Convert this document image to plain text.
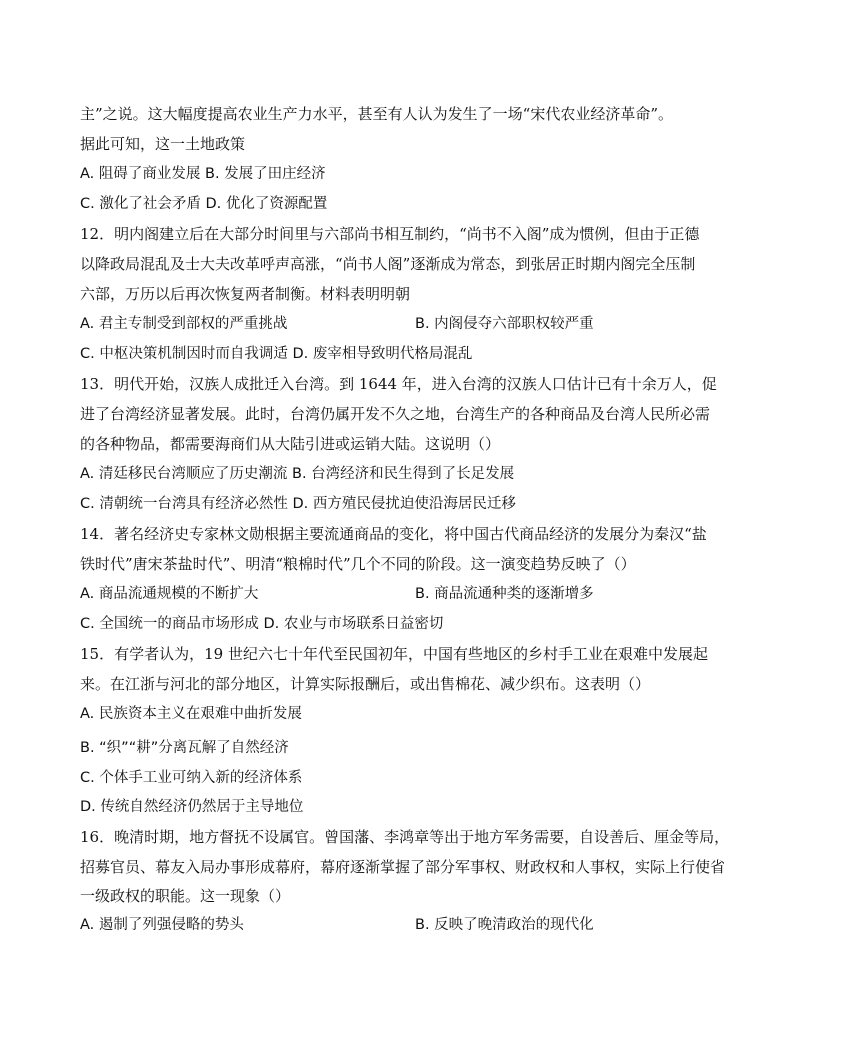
主”之说。这大幅度提高农业生产力水平，甚至有人认为发生了一场“宋代农业经济革命”。
据此可知，这一土地政策
A. 阻碍了商业发展 B. 发展了田庄经济
C. 激化了社会矛盾 D. 优化了资源配置
12．明内阁建立后在大部分时间里与六部尚书相互制约，“尚书不入阁”成为惯例，但由于正德
以降政局混乱及士大夫改革呼声高涨，“尚书人阁”逐渐成为常态，到张居正时期内阁完全压制
六部，万历以后再次恢复两者制衡。材料表明明朝
A. 君主专制受到部权的严重挑战	B. 内阁侵夺六部职权较严重
C. 中枢决策机制因时而自我调适 D. 废宰相导致明代格局混乱
13．明代开始，汉族人成批迁入台湾。到 1644 年，进入台湾的汉族人口估计已有十余万人，促
进了台湾经济显著发展。此时，台湾仍属开发不久之地，台湾生产的各种商品及台湾人民所必需
的各种物品，都需要海商们从大陆引进或运销大陆。这说明（）
A. 清廷移民台湾顺应了历史潮流 B. 台湾经济和民生得到了长足发展
C. 清朝统一台湾具有经济必然性 D. 西方殖民侵扰迫使沿海居民迁移
14．著名经济史专家林文勋根据主要流通商品的变化，将中国古代商品经济的发展分为秦汉“盐
铁时代”唐宋茶盐时代”、明清“粮棉时代”几个不同的阶段。这一演变趋势反映了（）
A. 商品流通规模的不断扩大	B. 商品流通种类的逐渐增多
C. 全国统一的商品市场形成 D. 农业与市场联系日益密切
15．有学者认为，19 世纪六七十年代至民国初年，中国有些地区的乡村手工业在艰难中发展起
来。在江浙与河北的部分地区，计算实际报酬后，或出售棉花、减少织布。这表明（）
A. 民族资本主义在艰难中曲折发展
B. “织”“耕”分离瓦解了自然经济
C. 个体手工业可纳入新的经济体系
D. 传统自然经济仍然居于主导地位
16．晚清时期，地方督抚不设属官。曾国藩、李鸿章等出于地方军务需要，自设善后、厘金等局，
招募官员、幕友入局办事形成幕府，幕府逐渐掌握了部分军事权、财政权和人事权，实际上行使省
一级政权的职能。这一现象（）
A. 遏制了列强侵略的势头	B. 反映了晚清政治的现代化
